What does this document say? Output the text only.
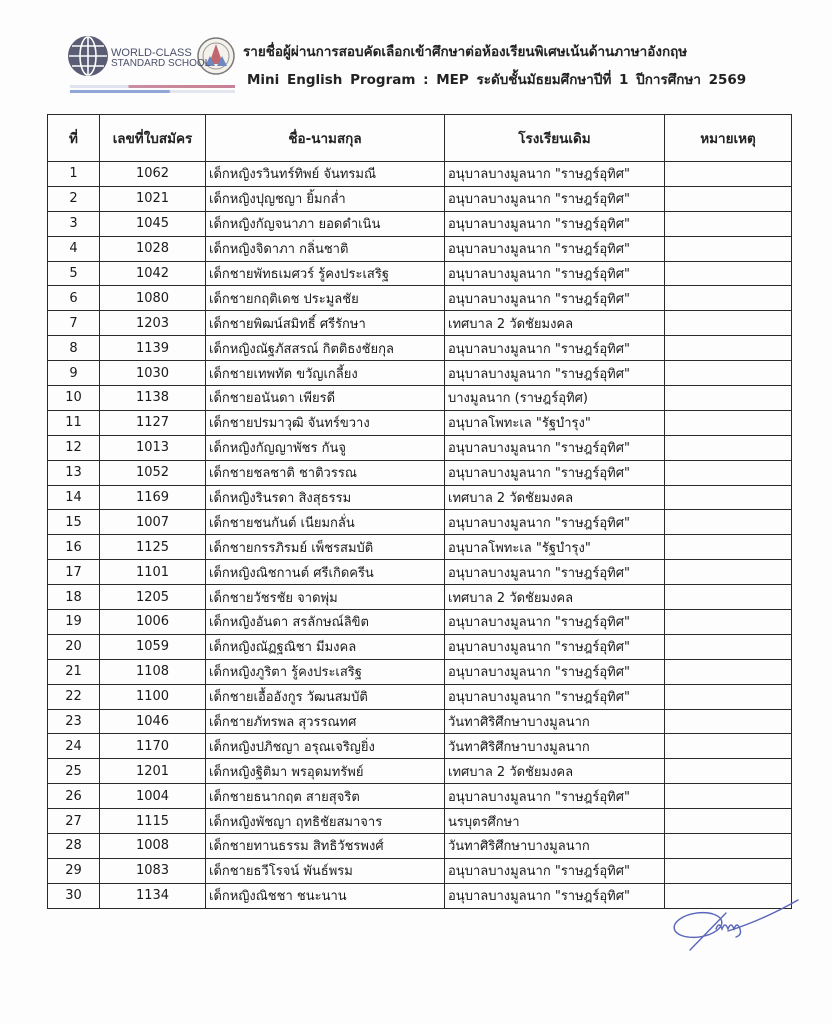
WORLD-CLASS
STANDARD SCHOOL
รายชื่อผู้ผ่านการสอบคัดเลือกเข้าศึกษาต่อห้องเรียนพิเศษเน้นด้านภาษาอังกฤษ
Mini English Program : MEP ระดับชั้นมัธยมศึกษาปีที่ 1 ปีการศึกษา 2569
ที่	เลขที่ใบสมัคร	ชื่อ-นามสกุล	โรงเรียนเดิม	หมายเหตุ
1	1062	เด็กหญิงรวินทร์ทิพย์ จันทรมณี	อนุบาลบางมูลนาก "ราษฎร์อุทิศ"	
2	1021	เด็กหญิงปุญชญา ยิ้มกล่ำ	อนุบาลบางมูลนาก "ราษฎร์อุทิศ"	
3	1045	เด็กหญิงกัญจนาภา ยอดดำเนิน	อนุบาลบางมูลนาก "ราษฎร์อุทิศ"	
4	1028	เด็กหญิงจิดาภา กลิ่นชาติ	อนุบาลบางมูลนาก "ราษฎร์อุทิศ"	
5	1042	เด็กชายพัทธเมศวร์ รู้คงประเสริฐ	อนุบาลบางมูลนาก "ราษฎร์อุทิศ"	
6	1080	เด็กชายกฤติเดช ประมูลชัย	อนุบาลบางมูลนาก "ราษฎร์อุทิศ"	
7	1203	เด็กชายพิฒน์สมิทธิ์ ศรีรักษา	เทศบาล 2 วัดชัยมงคล	
8	1139	เด็กหญิงณัฐภัสสรณ์ กิตติธงชัยกุล	อนุบาลบางมูลนาก "ราษฎร์อุทิศ"	
9	1030	เด็กชายเทพทัต ขวัญเกลี้ยง	อนุบาลบางมูลนาก "ราษฎร์อุทิศ"	
10	1138	เด็กชายอนันดา เพียรดี	บางมูลนาก (ราษฎร์อุทิศ)	
11	1127	เด็กชายปรมาวุฒิ จันทร์ขวาง	อนุบาลโพทะเล "รัฐบำรุง"	
12	1013	เด็กหญิงกัญญาพัชร กันจู	อนุบาลบางมูลนาก "ราษฎร์อุทิศ"	
13	1052	เด็กชายชลชาติ ชาติวรรณ	อนุบาลบางมูลนาก "ราษฎร์อุทิศ"	
14	1169	เด็กหญิงรินรดา สิงสุธรรม	เทศบาล 2 วัดชัยมงคล	
15	1007	เด็กชายชนกันต์ เนียมกลั่น	อนุบาลบางมูลนาก "ราษฎร์อุทิศ"	
16	1125	เด็กชายกรรภิรมย์ เพ็ชรสมบัติ	อนุบาลโพทะเล "รัฐบำรุง"	
17	1101	เด็กหญิงณิชกานต์ ศรีเกิดครีน	อนุบาลบางมูลนาก "ราษฎร์อุทิศ"	
18	1205	เด็กชายวัชรชัย จาดพุ่ม	เทศบาล 2 วัดชัยมงคล	
19	1006	เด็กหญิงอันดา สรลักษณ์ลิขิต	อนุบาลบางมูลนาก "ราษฎร์อุทิศ"	
20	1059	เด็กหญิงณัฏฐณิชา มีมงคล	อนุบาลบางมูลนาก "ราษฎร์อุทิศ"	
21	1108	เด็กหญิงภูริตา รู้คงประเสริฐ	อนุบาลบางมูลนาก "ราษฎร์อุทิศ"	
22	1100	เด็กชายเอื้ออังกูร วัฒนสมบัติ	อนุบาลบางมูลนาก "ราษฎร์อุทิศ"	
23	1046	เด็กชายภัทรพล สุวรรณทศ	วันทาศิริศึกษาบางมูลนาก	
24	1170	เด็กหญิงปภิชญา อรุณเจริญยิ่ง	วันทาศิริศึกษาบางมูลนาก	
25	1201	เด็กหญิงฐิติมา พรอุดมทรัพย์	เทศบาล 2 วัดชัยมงคล	
26	1004	เด็กชายธนากฤต สายสุจริต	อนุบาลบางมูลนาก "ราษฎร์อุทิศ"	
27	1115	เด็กหญิงพัชญา ฤทธิชัยสมาจาร	นรบุตรศึกษา	
28	1008	เด็กชายทานธรรม สิทธิวัชรพงศ์	วันทาศิริศึกษาบางมูลนาก	
29	1083	เด็กชายธวีโรจน์ พันธ์พรม	อนุบาลบางมูลนาก "ราษฎร์อุทิศ"	
30	1134	เด็กหญิงณิชชา ชนะนาน	อนุบาลบางมูลนาก "ราษฎร์อุทิศ"	
